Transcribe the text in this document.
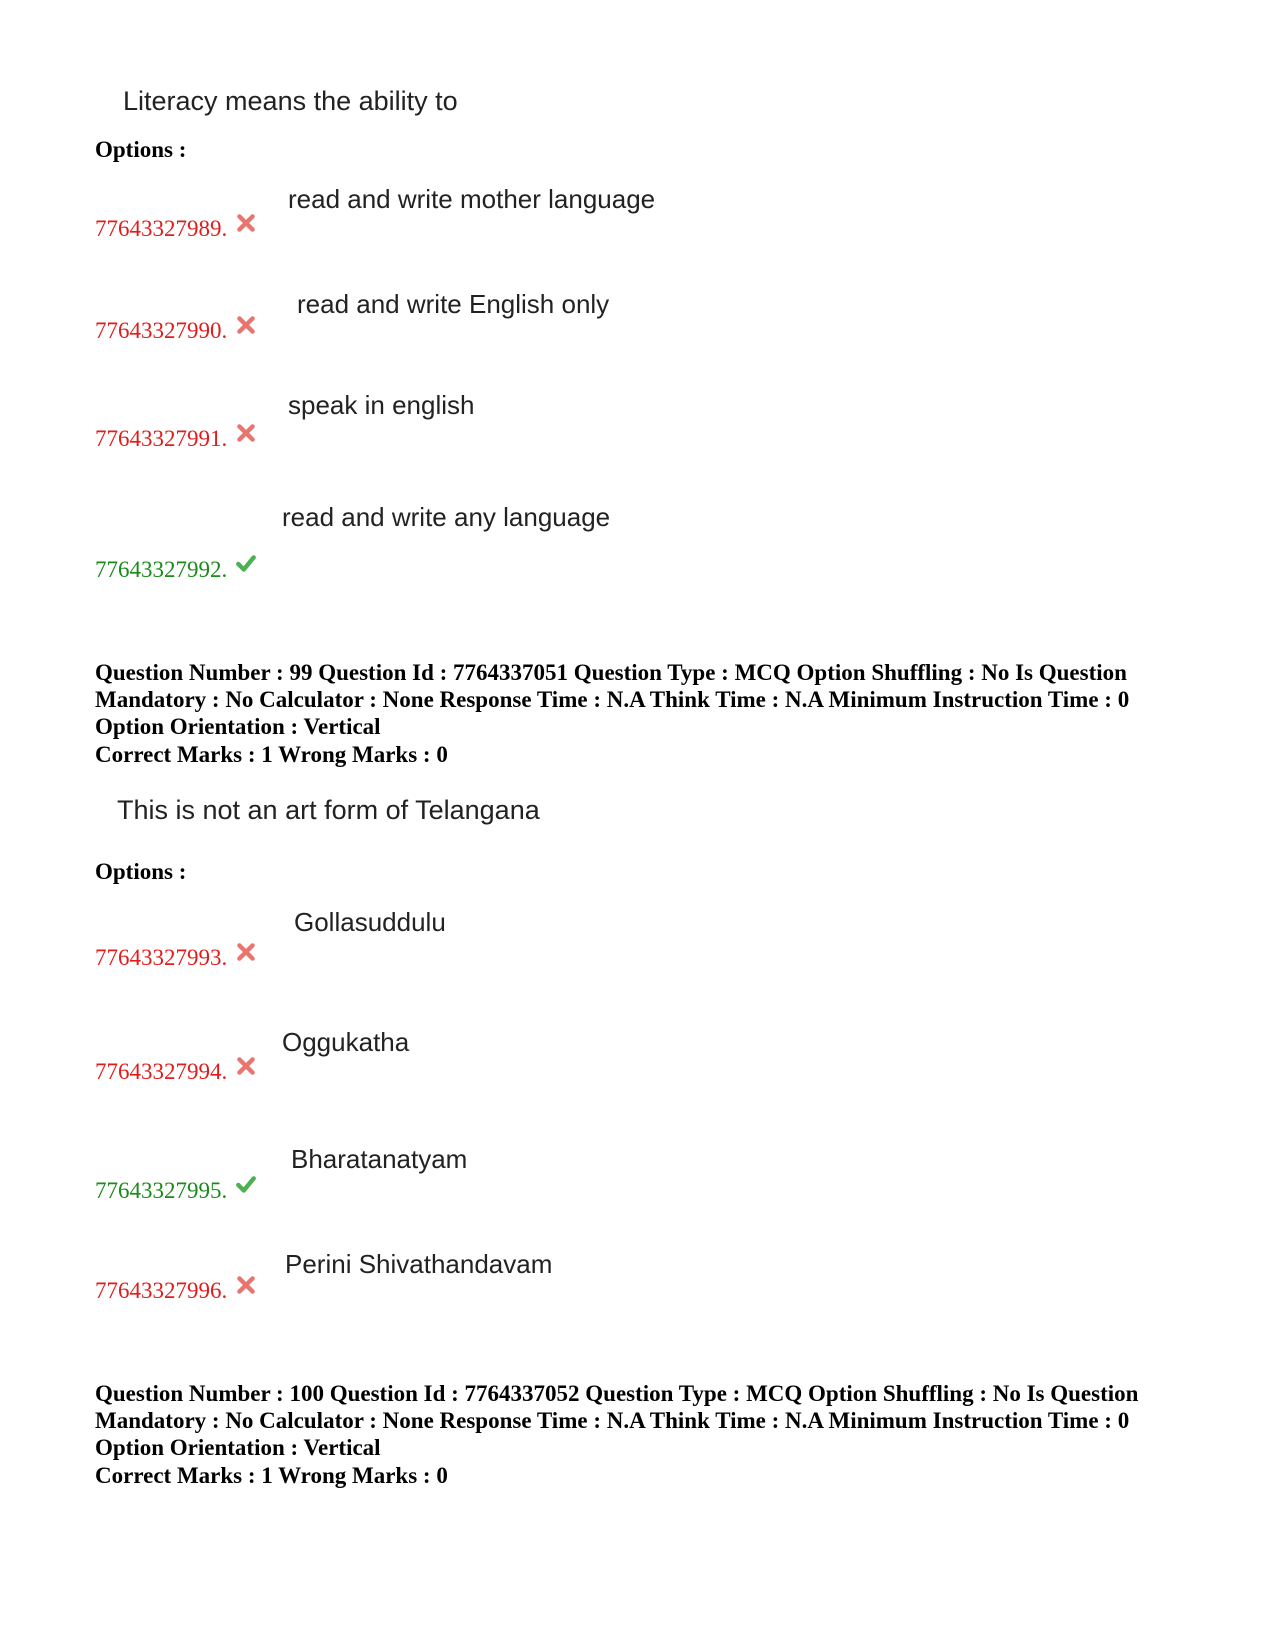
Literacy means the ability to
Options :
read and write mother language
77643327989.
read and write English only
77643327990.
speak in english
77643327991.
read and write any language
77643327992.
Question Number : 99 Question Id : 7764337051 Question Type : MCQ Option Shuffling : No Is Question Mandatory : No Calculator : None Response Time : N.A Think Time : N.A Minimum Instruction Time : 0 Option Orientation : Vertical
Correct Marks : 1 Wrong Marks : 0
This is not an art form of Telangana
Options :
Gollasuddulu
77643327993.
Oggukatha
77643327994.
Bharatanatyam
77643327995.
Perini Shivathandavam
77643327996.
Question Number : 100 Question Id : 7764337052 Question Type : MCQ Option Shuffling : No Is Question Mandatory : No Calculator : None Response Time : N.A Think Time : N.A Minimum Instruction Time : 0 Option Orientation : Vertical
Correct Marks : 1 Wrong Marks : 0
